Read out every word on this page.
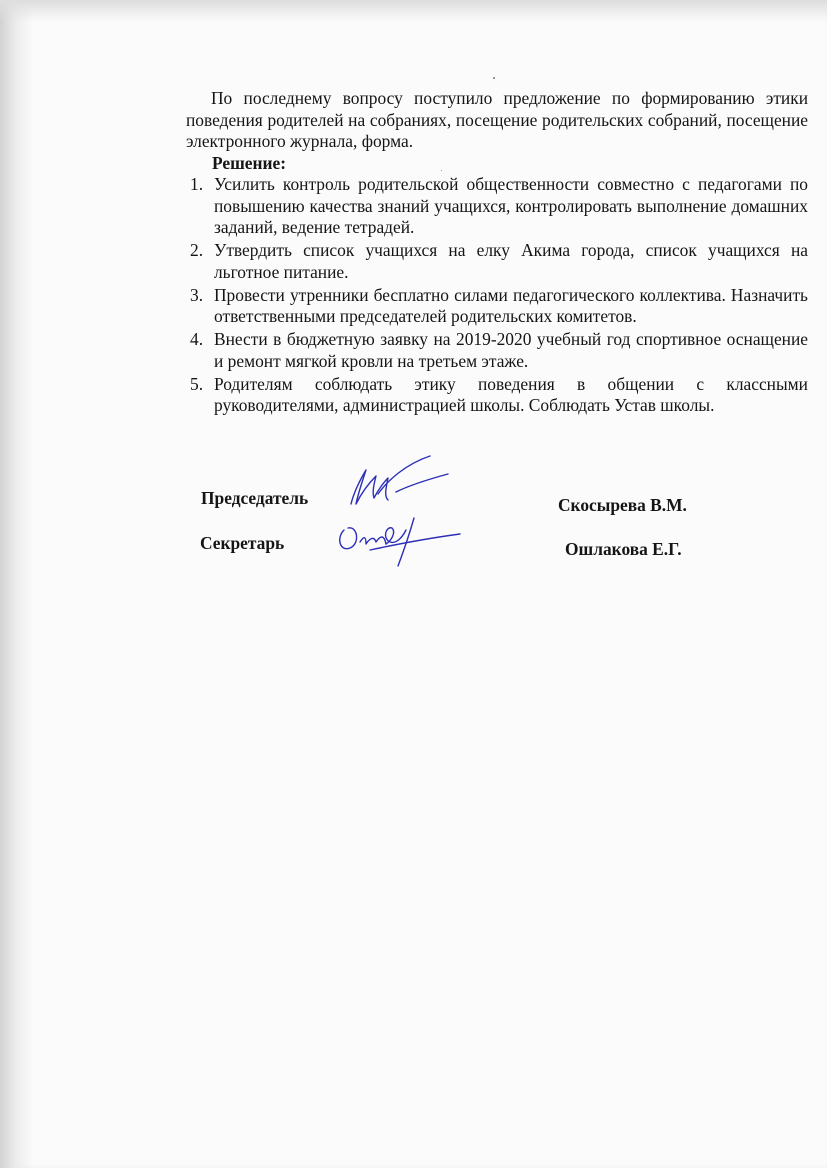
По последнему вопросу поступило предложение по формированию этики поведения родителей на собраниях, посещение родительских собраний, посещение электронного журнала, форма.

Решение:
1. Усилить контроль родительской общественности совместно с педагогами по повышению качества знаний учащихся, контролировать выполнение домашних заданий, ведение тетрадей.
2. Утвердить список учащихся на елку Акима города, список учащихся на льготное питание.
3. Провести утренники бесплатно силами педагогического коллектива. Назначить ответственными председателей родительских комитетов.
4. Внести в бюджетную заявку на 2019-2020 учебный год спортивное оснащение и ремонт мягкой кровли на третьем этаже.
5. Родителям соблюдать этику поведения в общении с классными руководителями, администрацией школы. Соблюдать Устав школы.
Председатель
Секретарь
Скосырева В.М.
Ошлакова Е.Г.
